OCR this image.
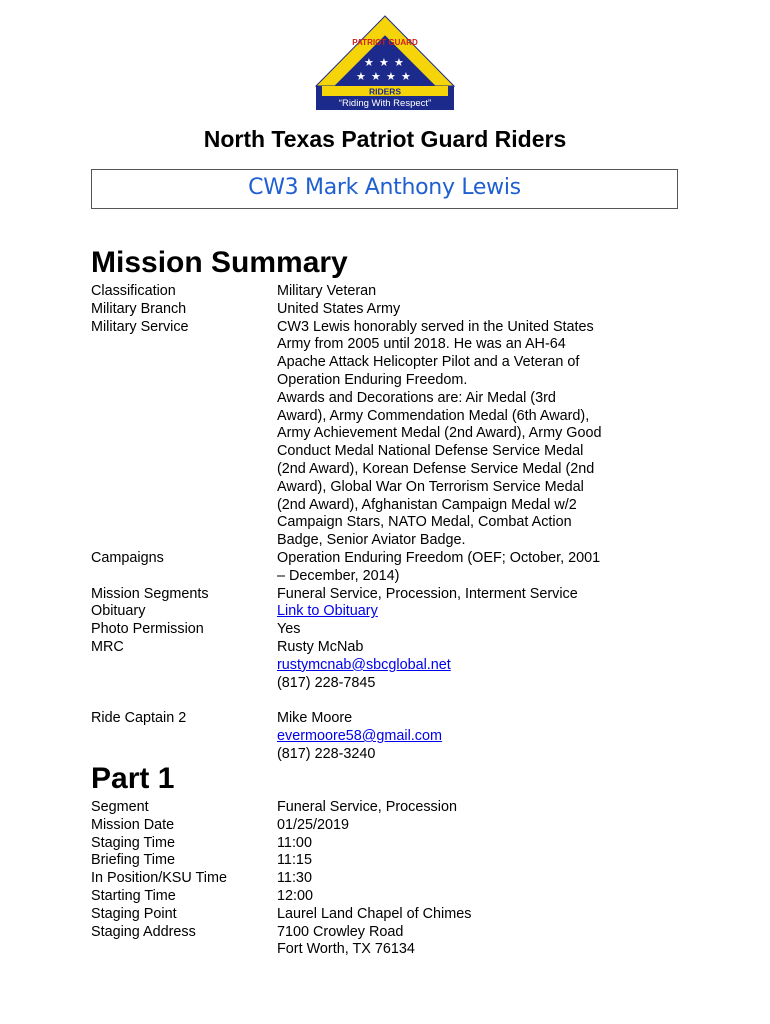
★ ★ ★
★ ★ ★ ★
PATRIOT GUARD
RIDERS
“Riding With Respect”
North Texas Patriot Guard Riders
CW3 Mark Anthony Lewis
Mission Summary
Classification	Military Veteran
Military Branch	United States Army
Military Service	CW3 Lewis honorably served in the United States
Army from 2005 until 2018. He was an AH-64
Apache Attack Helicopter Pilot and a Veteran of
Operation Enduring Freedom.
Awards and Decorations are: Air Medal (3rd
Award), Army Commendation Medal (6th Award),
Army Achievement Medal (2nd Award), Army Good
Conduct Medal National Defense Service Medal
(2nd Award), Korean Defense Service Medal (2nd
Award), Global War On Terrorism Service Medal
(2nd Award), Afghanistan Campaign Medal w/2
Campaign Stars, NATO Medal, Combat Action
Badge, Senior Aviator Badge.
Campaigns	Operation Enduring Freedom (OEF; October, 2001
– December, 2014)
Mission Segments	Funeral Service, Procession, Interment Service
Obituary	Link to Obituary
Photo Permission	Yes
MRC	Rusty McNab
rustymcnab@sbcglobal.net
(817) 228-7845
Ride Captain 2	Mike Moore
evermoore58@gmail.com
(817) 228-3240
Part 1
Segment	Funeral Service, Procession
Mission Date	01/25/2019
Staging Time	11:00
Briefing Time	11:15
In Position/KSU Time	11:30
Starting Time	12:00
Staging Point	Laurel Land Chapel of Chimes
Staging Address	7100 Crowley Road
Fort Worth, TX 76134
